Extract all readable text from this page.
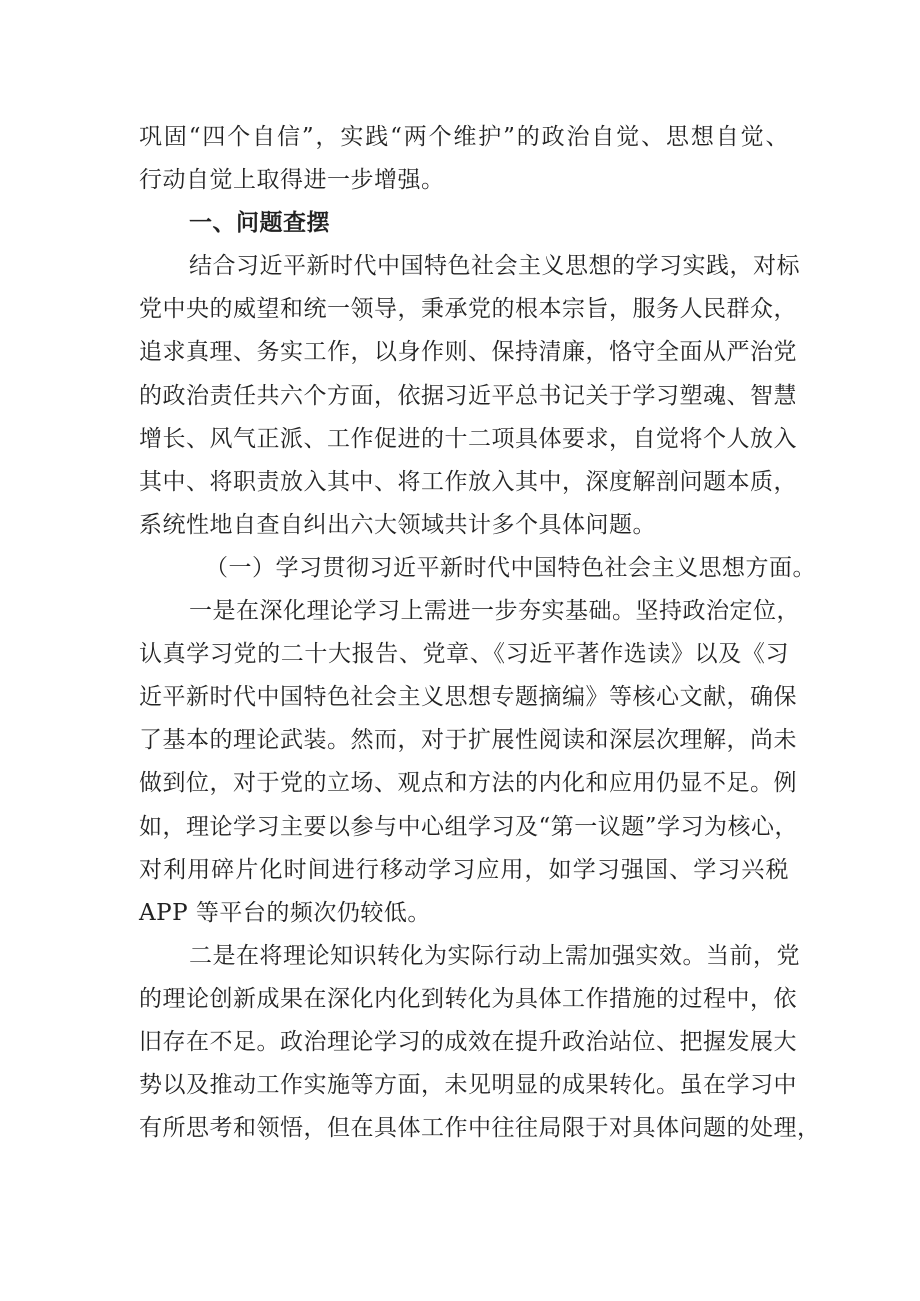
巩固“四个自信”，实践“两个维护”的政治自觉、思想自觉、
行动自觉上取得进一步增强。
一、问题查摆
结合习近平新时代中国特色社会主义思想的学习实践，对标
党中央的威望和统一领导，秉承党的根本宗旨，服务人民群众，
追求真理、务实工作，以身作则、保持清廉，恪守全面从严治党
的政治责任共六个方面，依据习近平总书记关于学习塑魂、智慧
增长、风气正派、工作促进的十二项具体要求，自觉将个人放入
其中、将职责放入其中、将工作放入其中，深度解剖问题本质，
系统性地自查自纠出六大领域共计多个具体问题。
（一）学习贯彻习近平新时代中国特色社会主义思想方面。
一是在深化理论学习上需进一步夯实基础。坚持政治定位，
认真学习党的二十大报告、党章、《习近平著作选读》以及《习
近平新时代中国特色社会主义思想专题摘编》等核心文献，确保
了基本的理论武装。然而，对于扩展性阅读和深层次理解，尚未
做到位，对于党的立场、观点和方法的内化和应用仍显不足。例
如，理论学习主要以参与中心组学习及“第一议题”学习为核心，
对利用碎片化时间进行移动学习应用，如学习强国、学习兴税
APP 等平台的频次仍较低。
二是在将理论知识转化为实际行动上需加强实效。当前，党
的理论创新成果在深化内化到转化为具体工作措施的过程中，依
旧存在不足。政治理论学习的成效在提升政治站位、把握发展大
势以及推动工作实施等方面，未见明显的成果转化。虽在学习中
有所思考和领悟，但在具体工作中往往局限于对具体问题的处理，
